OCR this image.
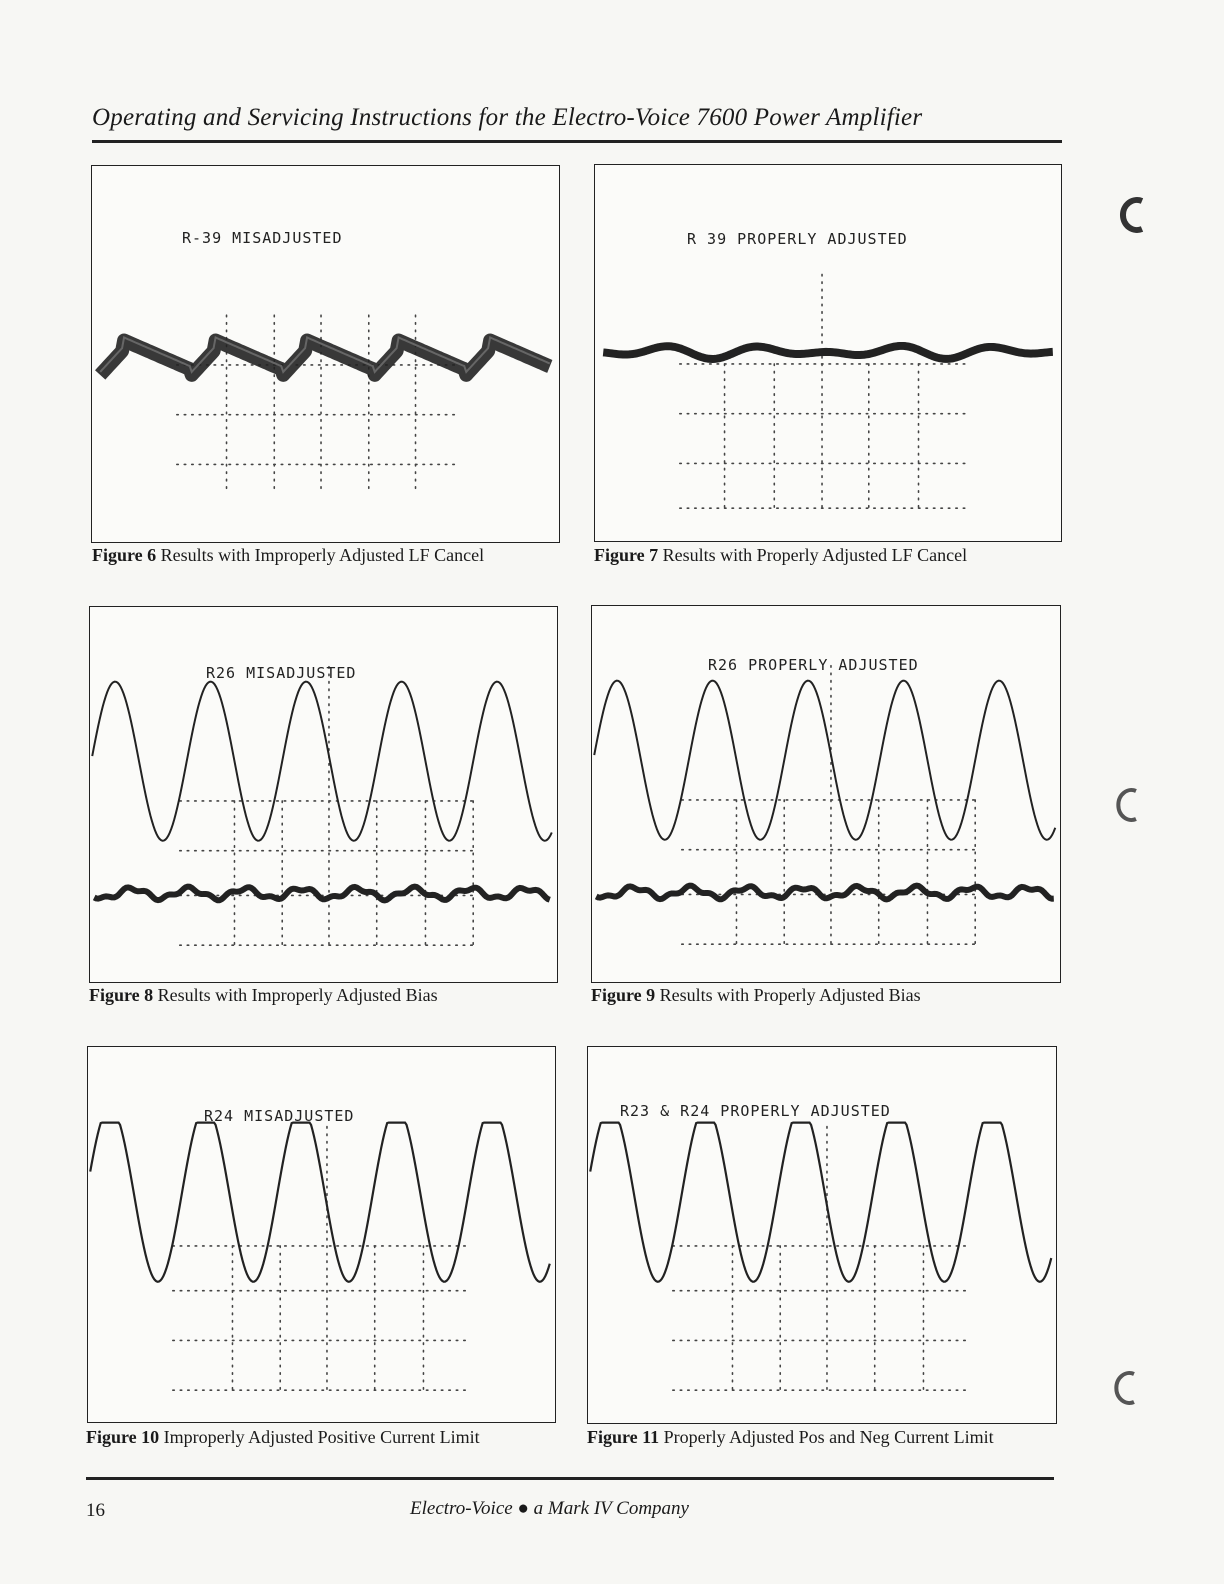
Operating and Servicing Instructions for the Electro-Voice 7600 Power Amplifier
R-39 MISADJUSTED
Figure 6 Results with Improperly Adjusted LF Cancel
R 39 PROPERLY ADJUSTED
Figure 7 Results with Properly Adjusted LF Cancel
R26 MISADJUSTED
Figure 8 Results with Improperly Adjusted Bias
R26 PROPERLY ADJUSTED
Figure 9 Results with Properly Adjusted Bias
R24 MISADJUSTED
Figure 10 Improperly Adjusted Positive Current Limit
R23 & R24 PROPERLY ADJUSTED
Figure 11 Properly Adjusted Pos and Neg Current Limit
16	Electro-Voice ● a Mark IV Company
